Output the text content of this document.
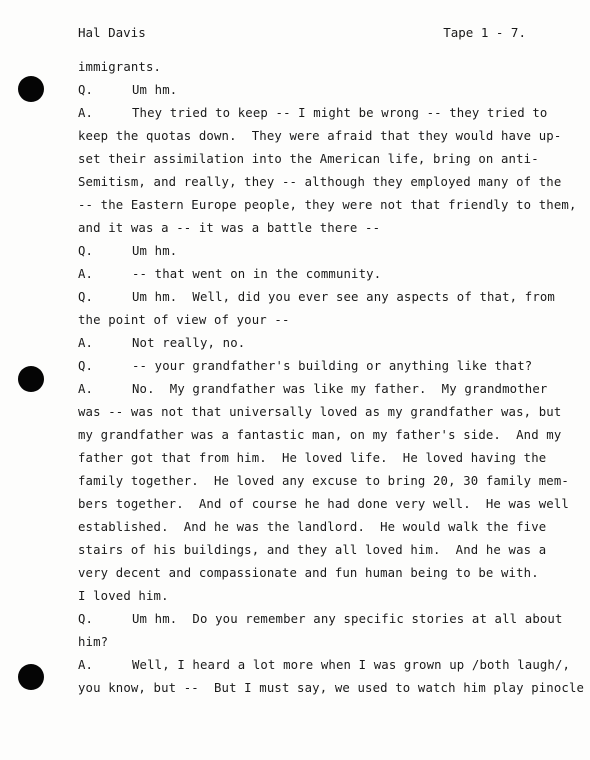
Hal Davis	Tape 1 - 7.
immigrants.
Q.	Um hm.
A.	They tried to keep -- I might be wrong -- they tried to
keep the quotas down.  They were afraid that they would have up-
set their assimilation into the American life, bring on anti-
Semitism, and really, they -- although they employed many of the
-- the Eastern Europe people, they were not that friendly to them,
and it was a -- it was a battle there --
Q.	Um hm.
A.	-- that went on in the community.
Q.	Um hm.  Well, did you ever see any aspects of that, from
the point of view of your --
A.	Not really, no.
Q.	-- your grandfather's building or anything like that?
A.	No.  My grandfather was like my father.  My grandmother
was -- was not that universally loved as my grandfather was, but
my grandfather was a fantastic man, on my father's side.  And my
father got that from him.  He loved life.  He loved having the
family together.  He loved any excuse to bring 20, 30 family mem-
bers together.  And of course he had done very well.  He was well
established.  And he was the landlord.  He would walk the five
stairs of his buildings, and they all loved him.  And he was a
very decent and compassionate and fun human being to be with.
I loved him.
Q.	Um hm.  Do you remember any specific stories at all about
him?
A.	Well, I heard a lot more when I was grown up /both laugh/,
you know, but --  But I must say, we used to watch him play pinocle
